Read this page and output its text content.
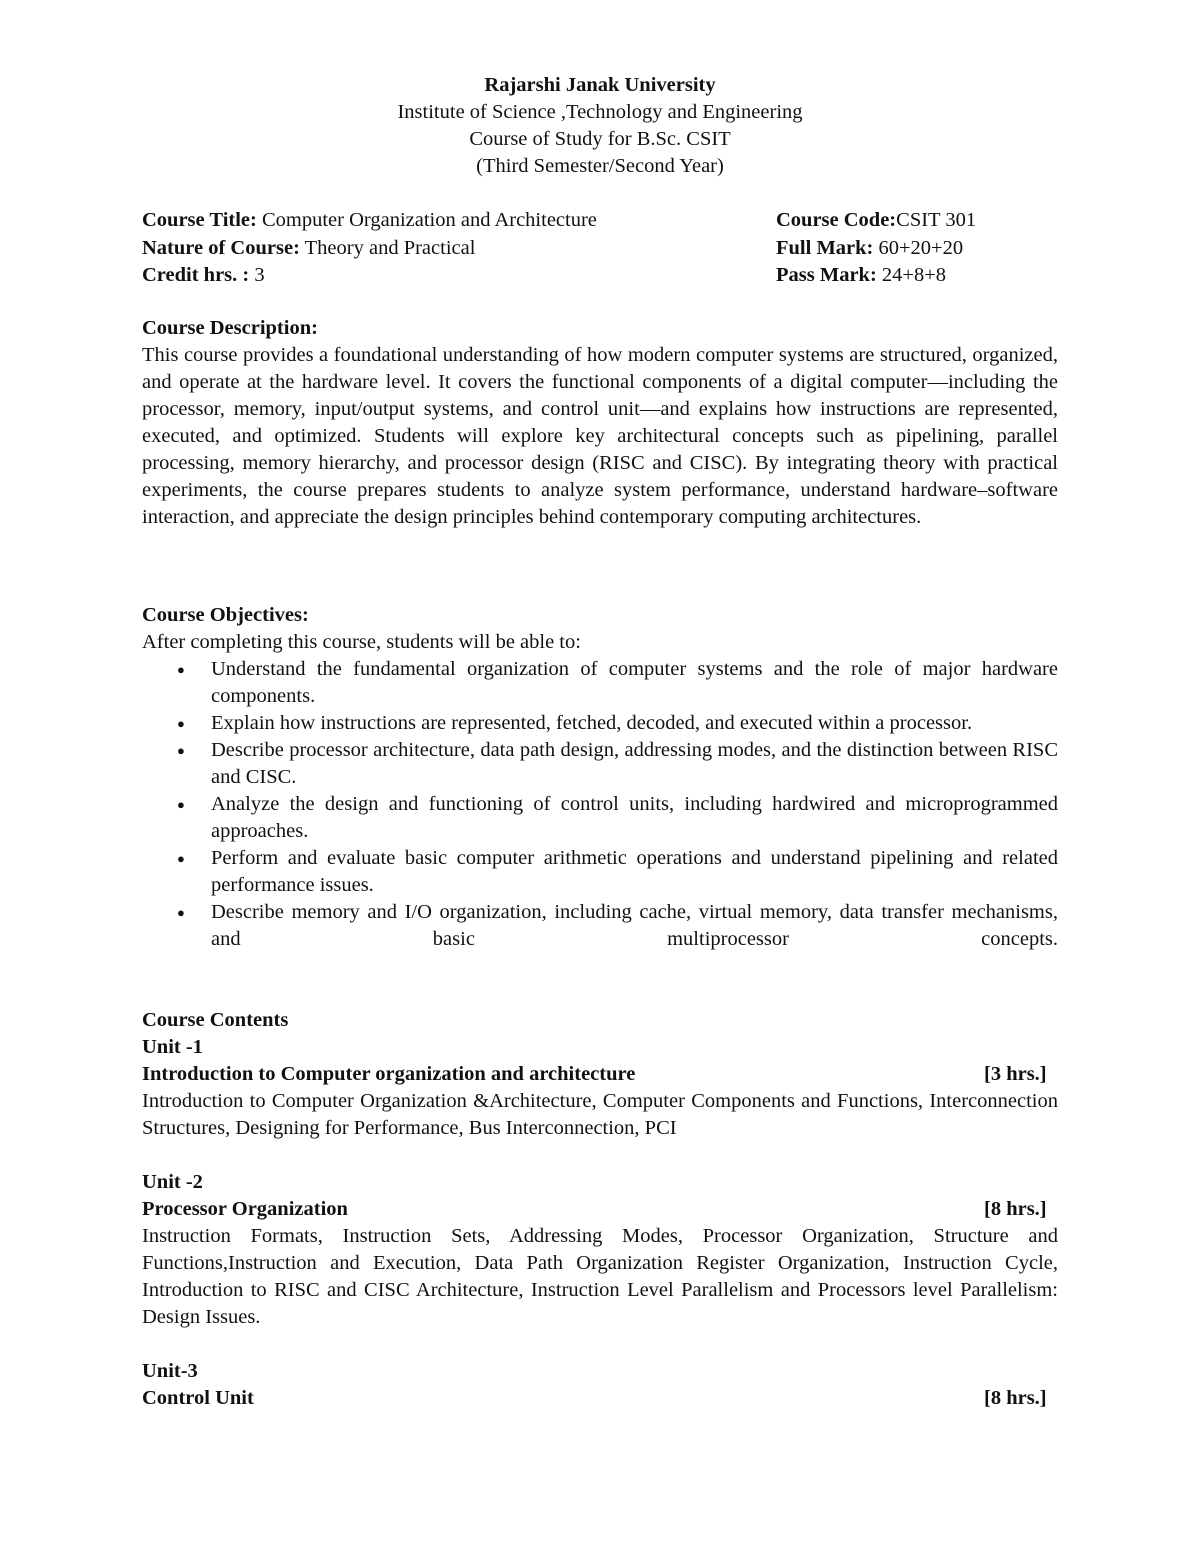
Rajarshi Janak University
Institute of Science ,Technology and Engineering
Course of Study for B.Sc. CSIT
(Third Semester/Second Year)
Course Title: Computer Organization and Architecture	Course Code:CSIT 301
Nature of Course: Theory and Practical	Full Mark: 60+20+20
Credit hrs. : 3	Pass Mark: 24+8+8
Course Description:
This course provides a foundational understanding of how modern computer systems are structured, organized, and operate at the hardware level. It covers the functional components of a digital computer—including the processor, memory, input/output systems, and control unit—and explains how instructions are represented, executed, and optimized. Students will explore key architectural concepts such as pipelining, parallel processing, memory hierarchy, and processor design (RISC and CISC). By integrating theory with practical experiments, the course prepares students to analyze system performance, understand hardware–software interaction, and appreciate the design principles behind contemporary computing architectures.
Course Objectives:
After completing this course, students will be able to:
● Understand the fundamental organization of computer systems and the role of major hardware components.
● Explain how instructions are represented, fetched, decoded, and executed within a processor.
● Describe processor architecture, data path design, addressing modes, and the distinction between RISC and CISC.
● Analyze the design and functioning of control units, including hardwired and microprogrammed approaches.
● Perform and evaluate basic computer arithmetic operations and understand pipelining and related performance issues.
● Describe memory and I/O organization, including cache, virtual memory, data transfer mechanisms, and basic multiprocessor concepts.
Course Contents
Unit -1
Introduction to Computer organization and architecture	[3 hrs.]
Introduction to Computer Organization &Architecture, Computer Components and Functions, Interconnection Structures, Designing for Performance, Bus Interconnection, PCI
Unit -2
Processor Organization	[8 hrs.]
Instruction Formats, Instruction Sets, Addressing Modes, Processor Organization, Structure and Functions,Instruction and Execution, Data Path Organization Register Organization, Instruction Cycle, Introduction to RISC and CISC Architecture, Instruction Level Parallelism and Processors level Parallelism: Design Issues.
Unit-3
Control Unit	[8 hrs.]
